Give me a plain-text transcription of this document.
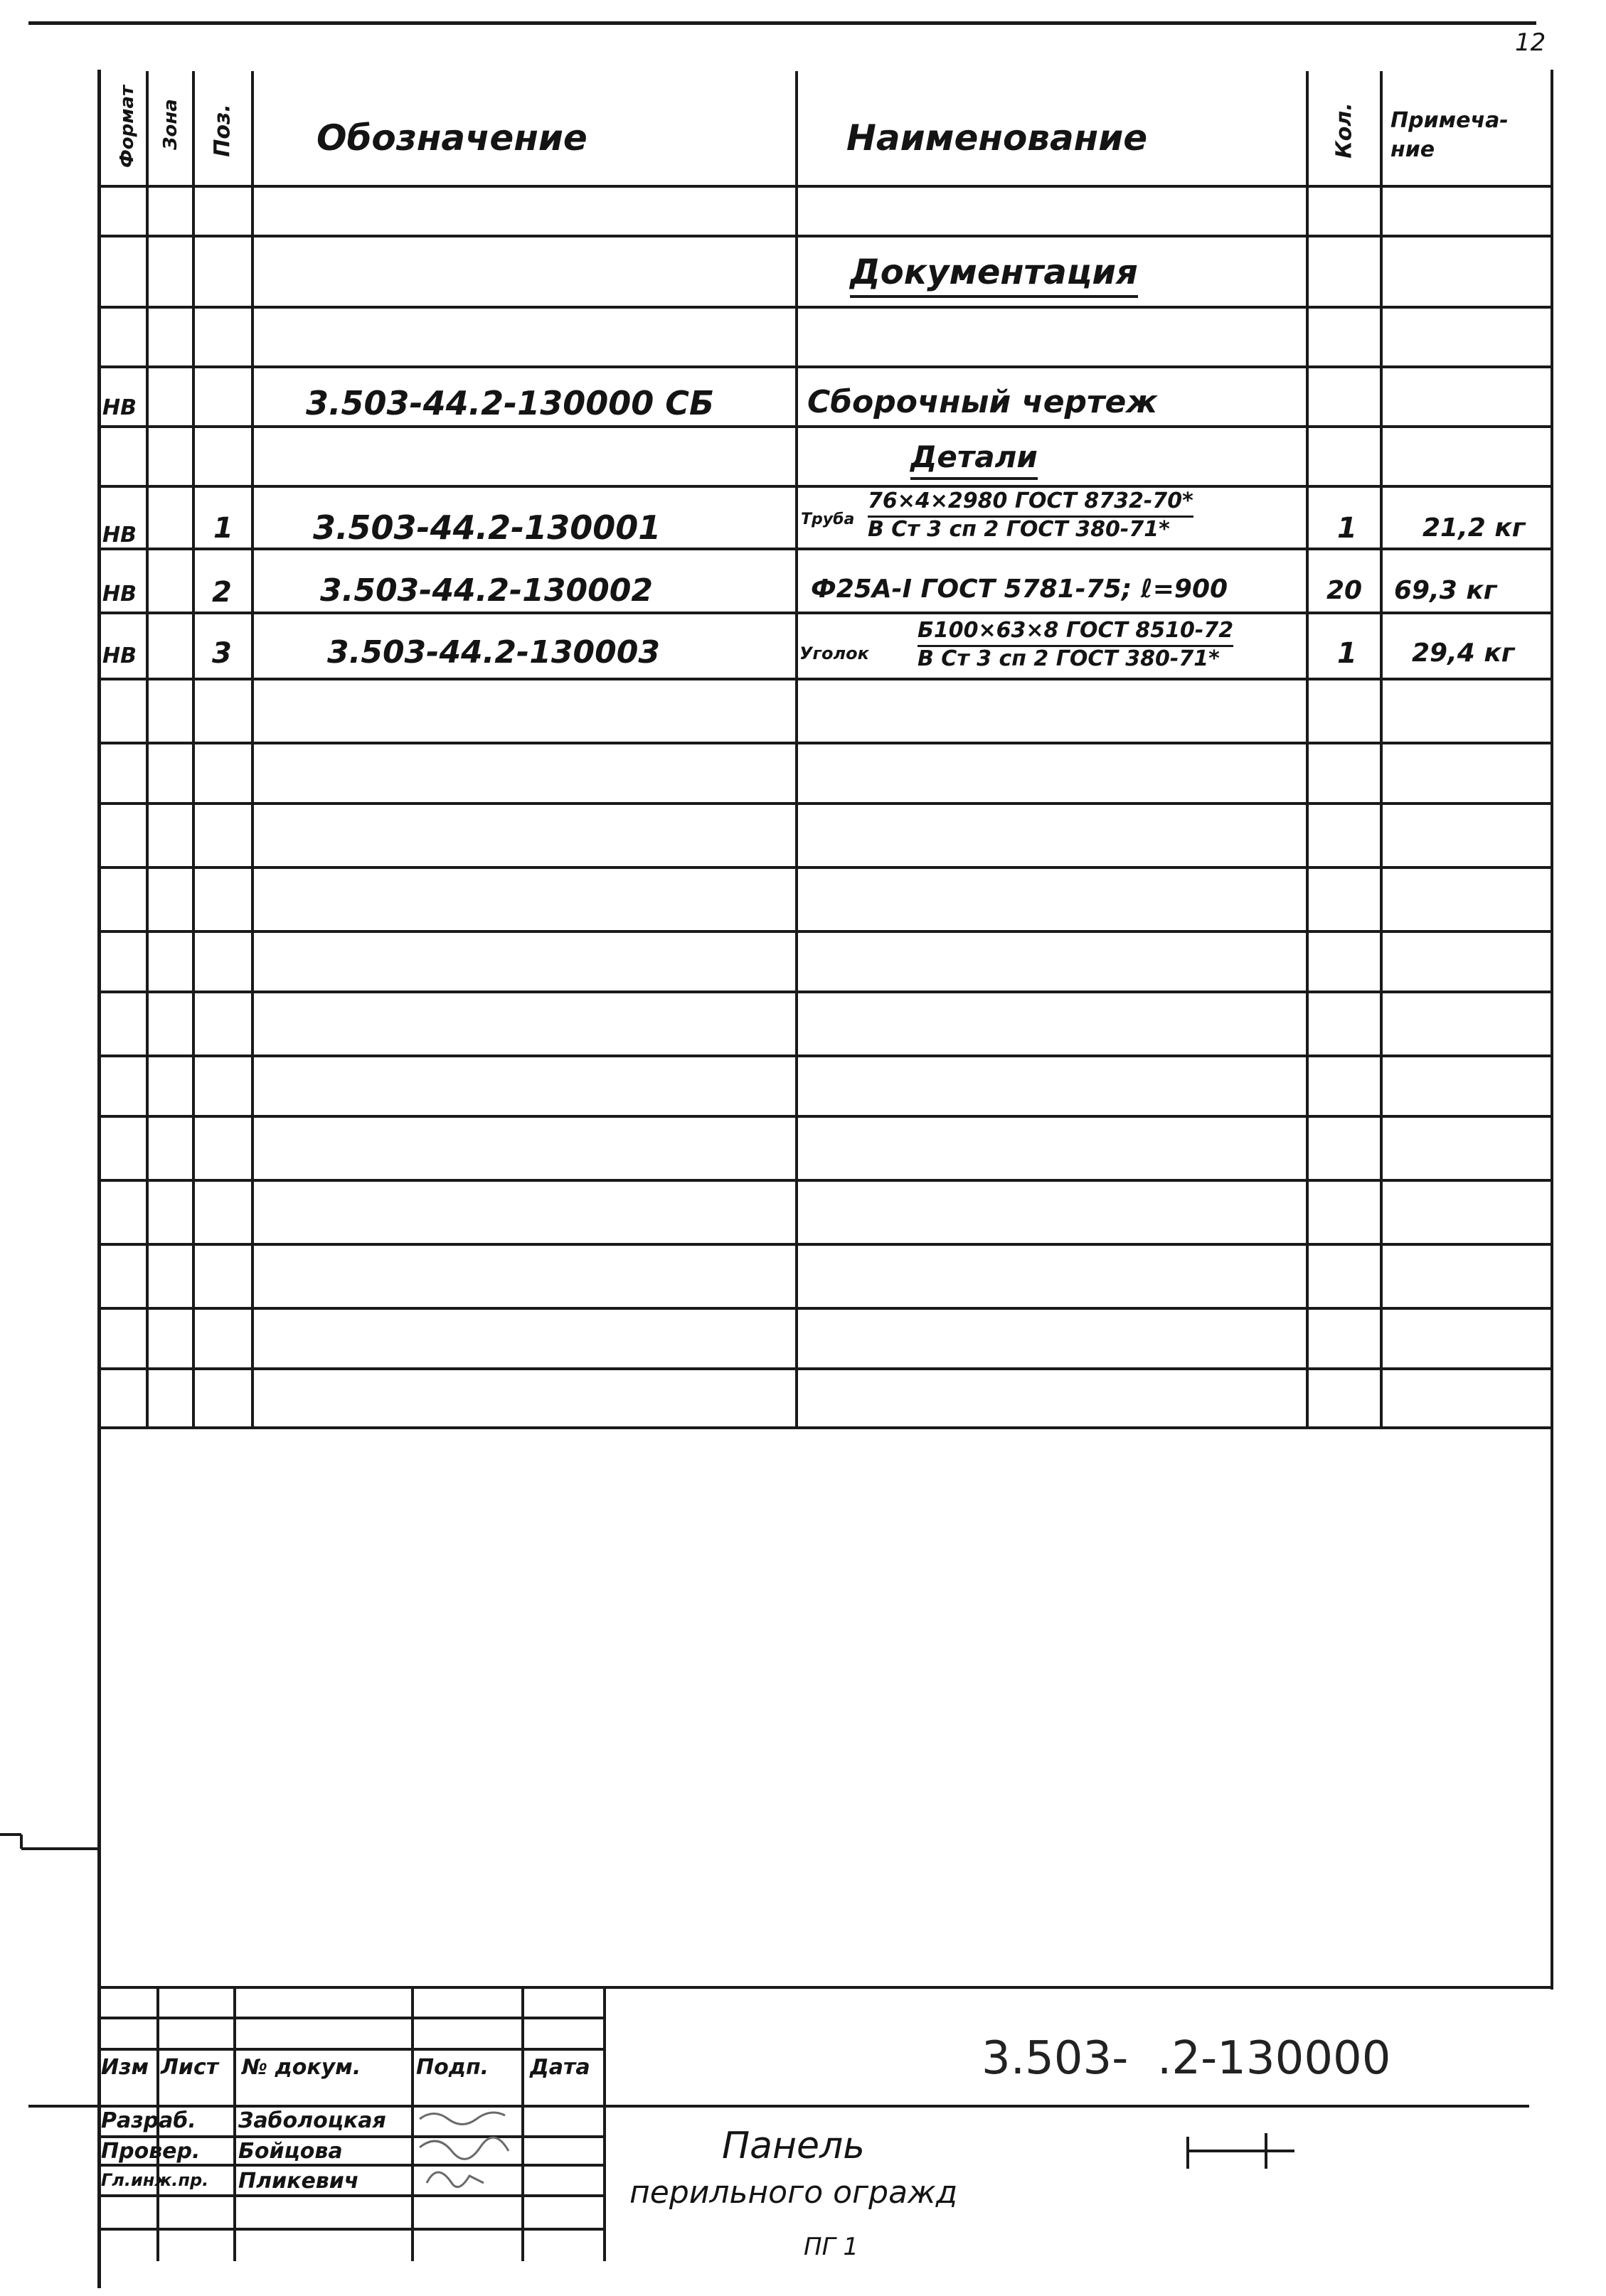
12
Формат Зона Поз. Обозначение	Наименование	Кол. Примеча-ние
Документация
Детали
НВ	3.503-44.2-130000 СБ	Сборочный чертеж
НВ	1 3.503-44.2-130001	Труба
76×4×2980 ГОСТ 8732-70*
В Ст 3 сп 2 ГОСТ 380-71*	1	21,2 кг
НВ	2	3.503-44.2-130002	Ф25А-I ГОСТ 5781-75; ℓ=900	20 69,3 кг
НВ	3	3.503-44.2-130003	Уголок
Б100×63×8 ГОСТ 8510-72
В Ст 3 сп 2 ГОСТ 380-71*	1 29,4 кг
3.503-  .2-130000
Изм Лист № докум.	Подп. Дата
Разраб. Заболоцкая
Провер. Бойцова
Гл.инж.пр. Пликевич
Панель
перильного огражд
ПГ 1
